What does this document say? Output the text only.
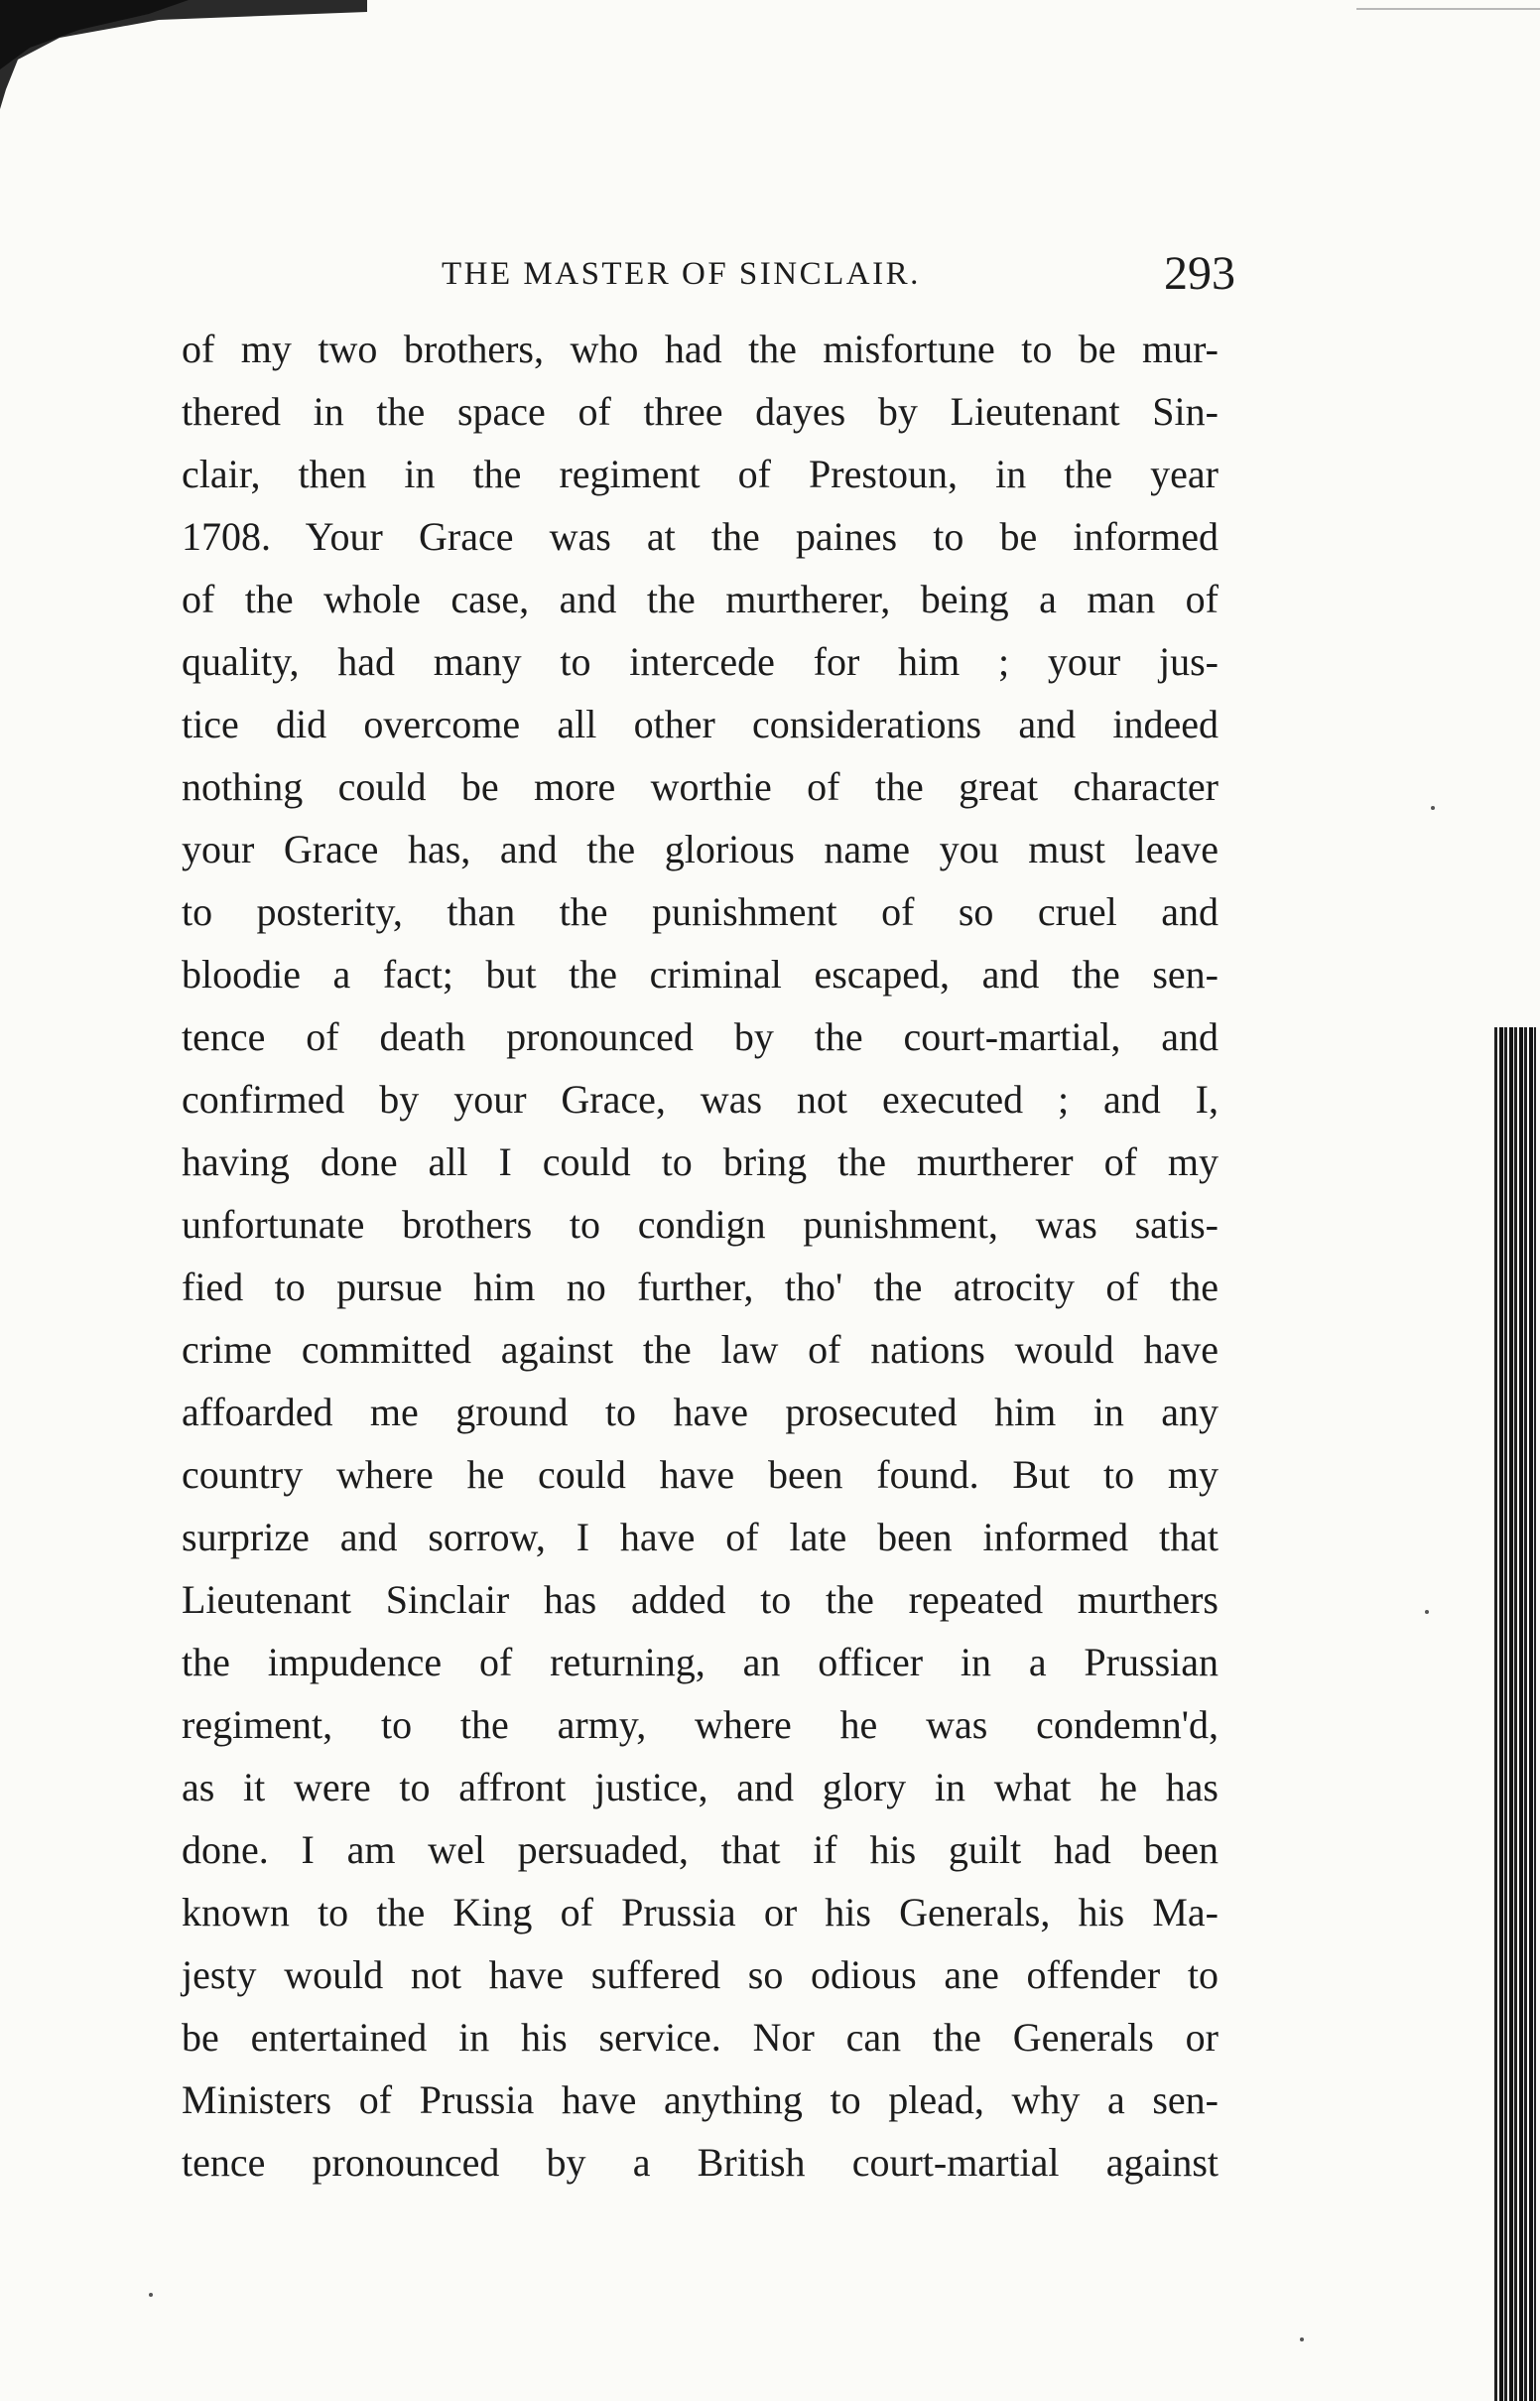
THE MASTER OF SINCLAIR.	293
of my two brothers, who had the misfortune to be mur-
thered in the space of three dayes by Lieutenant Sin-
clair, then in the regiment of Prestoun, in the year
1708. Your Grace was at the paines to be informed
of the whole case, and the murtherer, being a man of
quality, had many to intercede for him ; your jus-
tice did overcome all other considerations and indeed
nothing could be more worthie of the great character
your Grace has, and the glorious name you must leave
to posterity, than the punishment of so cruel and
bloodie a fact; but the criminal escaped, and the sen-
tence of death pronounced by the court-martial, and
confirmed by your Grace, was not executed ; and I,
having done all I could to bring the murtherer of my
unfortunate brothers to condign punishment, was satis-
fied to pursue him no further, tho' the atrocity of the
crime committed against the law of nations would have
affoarded me ground to have prosecuted him in any
country where he could have been found. But to my
surprize and sorrow, I have of late been informed that
Lieutenant Sinclair has added to the repeated murthers
the impudence of returning, an officer in a Prussian
regiment, to the army, where he was condemn'd,
as it were to affront justice, and glory in what he has
done. I am wel persuaded, that if his guilt had been
known to the King of Prussia or his Generals, his Ma-
jesty would not have suffered so odious ane offender to
be entertained in his service. Nor can the Generals or
Ministers of Prussia have anything to plead, why a sen-
tence pronounced by a British court-martial against
